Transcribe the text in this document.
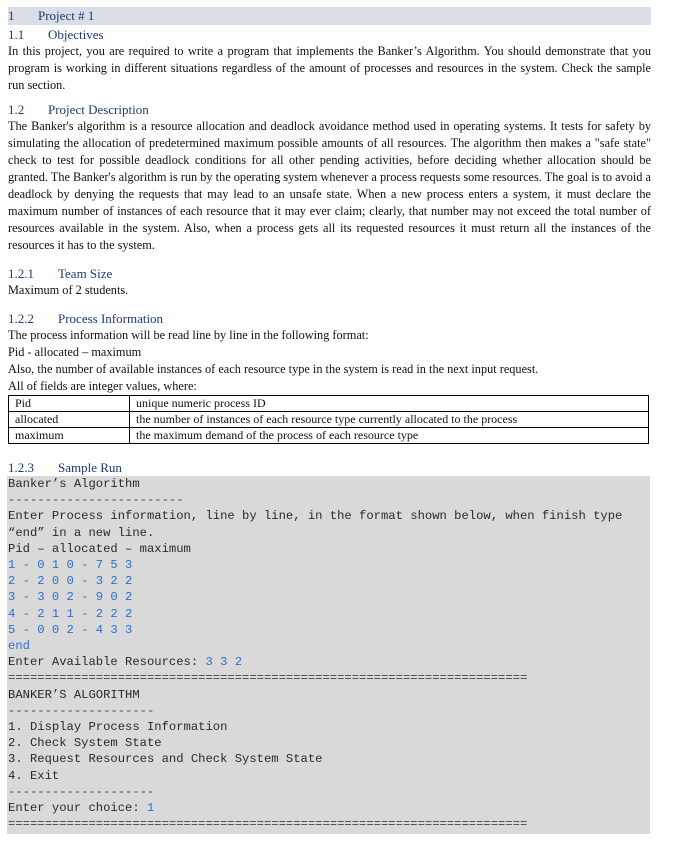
1 Project # 1
1.1 Objectives

In this project, you are required to write a program that implements the Banker’s Algorithm. You should demonstrate that you program is working in different situations regardless of the amount of processes and resources in the system. Check the sample run section.

1.2 Project Description

The Banker's algorithm is a resource allocation and deadlock avoidance method used in operating systems. It tests for safety by simulating the allocation of predetermined maximum possible amounts of all resources. The algorithm then makes a "safe state" check to test for possible deadlock conditions for all other pending activities, before deciding whether allocation should be granted. The Banker's algorithm is run by the operating system whenever a process requests some resources. The goal is to avoid a deadlock by denying the requests that may lead to an unsafe state. When a new process enters a system, it must declare the maximum number of instances of each resource that it may ever claim; clearly, that number may not exceed the total number of resources available in the system. Also, when a process gets all its requested resources it must return all the instances of the resources it has to the system.

1.2.1 Team Size
Maximum of 2 students.
1.2.2 Process Information
The process information will be read line by line in the following format:
Pid - allocated – maximum
Also, the number of available instances of each resource type in the system is read in the next input request.
All of fields are integer values, where:
Pid	unique numeric process ID
allocated	the number of instances of each resource type currently allocated to the process
maximum	the maximum demand of the process of each resource type
1.2.3 Sample Run
Banker’s Algorithm
------------------------
Enter Process information, line by line, in the format shown below, when finish type
“end” in a new line.
Pid – allocated – maximum
1 - 0 1 0 - 7 5 3
2 - 2 0 0 - 3 2 2
3 - 3 0 2 - 9 0 2
4 - 2 1 1 - 2 2 2
5 - 0 0 2 - 4 3 3
end
Enter Available Resources: 3 3 2
=======================================================================
BANKER’S ALGORITHM
--------------------
1. Display Process Information
2. Check System State
3. Request Resources and Check System State
4. Exit
--------------------
Enter your choice: 1
=======================================================================
